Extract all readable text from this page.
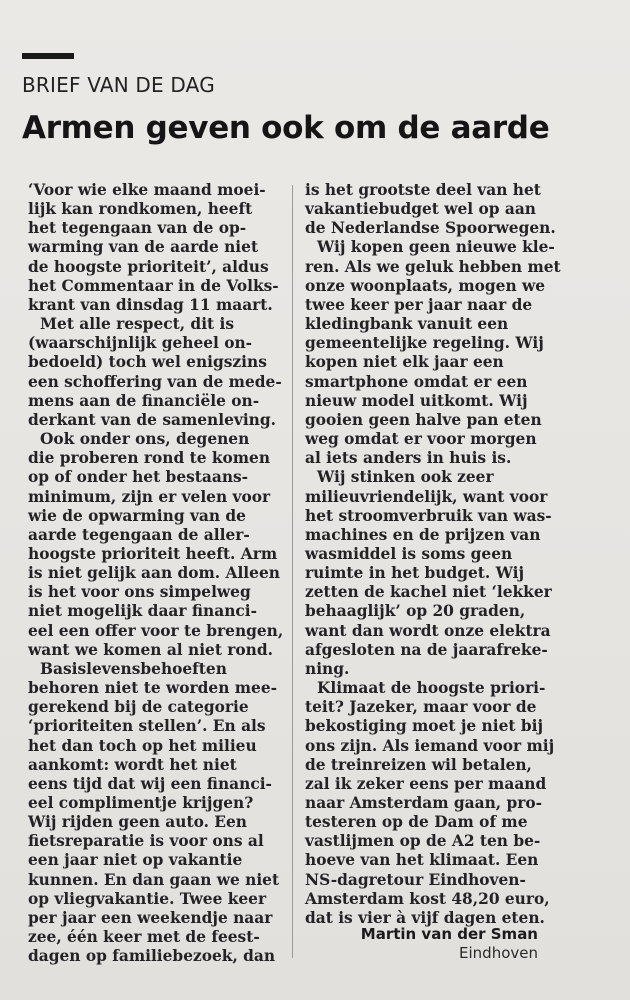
BRIEF VAN DE DAG
Armen geven ook om de aarde
‘Voor wie elke maand moei-
lijk kan rondkomen, heeft
het tegengaan van de op-
warming van de aarde niet
de hoogste prioriteit’, aldus
het Commentaar in de Volks-
krant van dinsdag 11 maart.
Met alle respect, dit is
(waarschijnlijk geheel on-
bedoeld) toch wel enigszins
een schoffering van de mede-
mens aan de financiële on-
derkant van de samenleving.
Ook onder ons, degenen
die proberen rond te komen
op of onder het bestaans-
minimum, zijn er velen voor
wie de opwarming van de
aarde tegengaan de aller-
hoogste prioriteit heeft. Arm
is niet gelijk aan dom. Alleen
is het voor ons simpelweg
niet mogelijk daar financi-
eel een offer voor te brengen,
want we komen al niet rond.
Basislevensbehoeften
behoren niet te worden mee-
gerekend bij de categorie
‘prioriteiten stellen’. En als
het dan toch op het milieu
aankomt: wordt het niet
eens tijd dat wij een financi-
eel complimentje krijgen?
Wij rijden geen auto. Een
fietsreparatie is voor ons al
een jaar niet op vakantie
kunnen. En dan gaan we niet
op vliegvakantie. Twee keer
per jaar een weekendje naar
zee, één keer met de feest-
dagen op familiebezoek, dan
is het grootste deel van het
vakantiebudget wel op aan
de Nederlandse Spoorwegen.
Wij kopen geen nieuwe kle-
ren. Als we geluk hebben met
onze woonplaats, mogen we
twee keer per jaar naar de
kledingbank vanuit een
gemeentelijke regeling. Wij
kopen niet elk jaar een
smartphone omdat er een
nieuw model uitkomt. Wij
gooien geen halve pan eten
weg omdat er voor morgen
al iets anders in huis is.
Wij stinken ook zeer
milieuvriendelijk, want voor
het stroomverbruik van was-
machines en de prijzen van
wasmiddel is soms geen
ruimte in het budget. Wij
zetten de kachel niet ‘lekker
behaaglijk’ op 20 graden,
want dan wordt onze elektra
afgesloten na de jaarafreke-
ning.
Klimaat de hoogste priori-
teit? Jazeker, maar voor de
bekostiging moet je niet bij
ons zijn. Als iemand voor mij
de treinreizen wil betalen,
zal ik zeker eens per maand
naar Amsterdam gaan, pro-
testeren op de Dam of me
vastlijmen op de A2 ten be-
hoeve van het klimaat. Een
NS-dagretour Eindhoven-
Amsterdam kost 48,20 euro,
dat is vier à vijf dagen eten.
Martin van der Sman
Eindhoven
